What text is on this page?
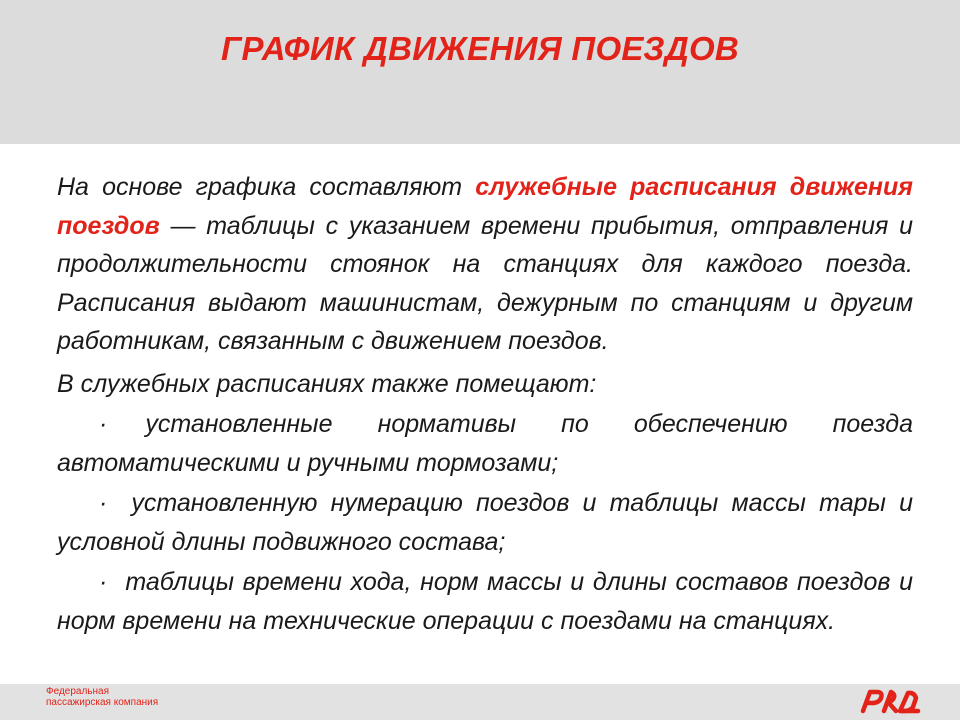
ГРАФИК ДВИЖЕНИЯ ПОЕЗДОВ

На основе графика составляют служебные расписания движения поездов — таблицы с указанием времени прибытия, отправления и продолжительности стоянок на станциях для каждого поезда. Расписания выдают машинистам, дежурным по станциям и другим работникам, связанным с движением поездов.

В служебных расписаниях также помещают:

· установленные нормативы по обеспечению поезда автоматическими и ручными тормозами;

· установленную нумерацию поездов и таблицы массы тары и условной длины подвижного состава;

· таблицы времени хода, норм массы и длины составов поездов и норм времени на технические операции с поездами на станциях.

Федеральная
пассажирская компания
